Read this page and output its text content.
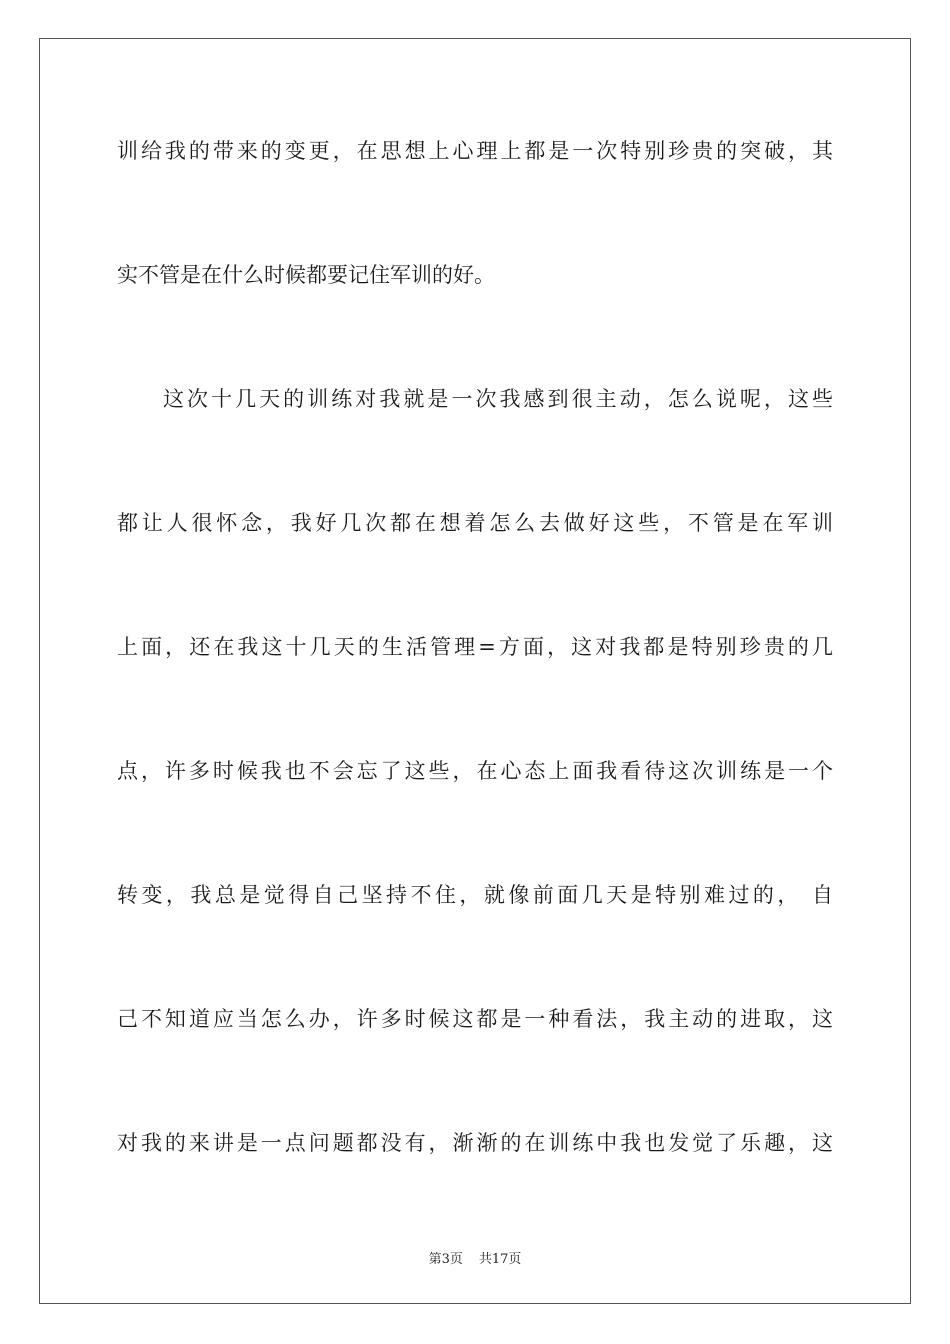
训给我的带来的变更，在思想上心理上都是一次特别珍贵的突破，其
实不管是在什么时候都要记住军训的好。
这次十几天的训练对我就是一次我感到很主动，怎么说呢，这些
都让人很怀念，我好几次都在想着怎么去做好这些，不管是在军训
上面，还在我这十几天的生活管理=方面，这对我都是特别珍贵的几
点，许多时候我也不会忘了这些，在心态上面我看待这次训练是一个
转变，我总是觉得自己坚持不住，就像前面几天是特别难过的， 自
己不知道应当怎么办，许多时候这都是一种看法，我主动的进取，这
对我的来讲是一点问题都没有，渐渐的在训练中我也发觉了乐趣，这
第3页 共17页
